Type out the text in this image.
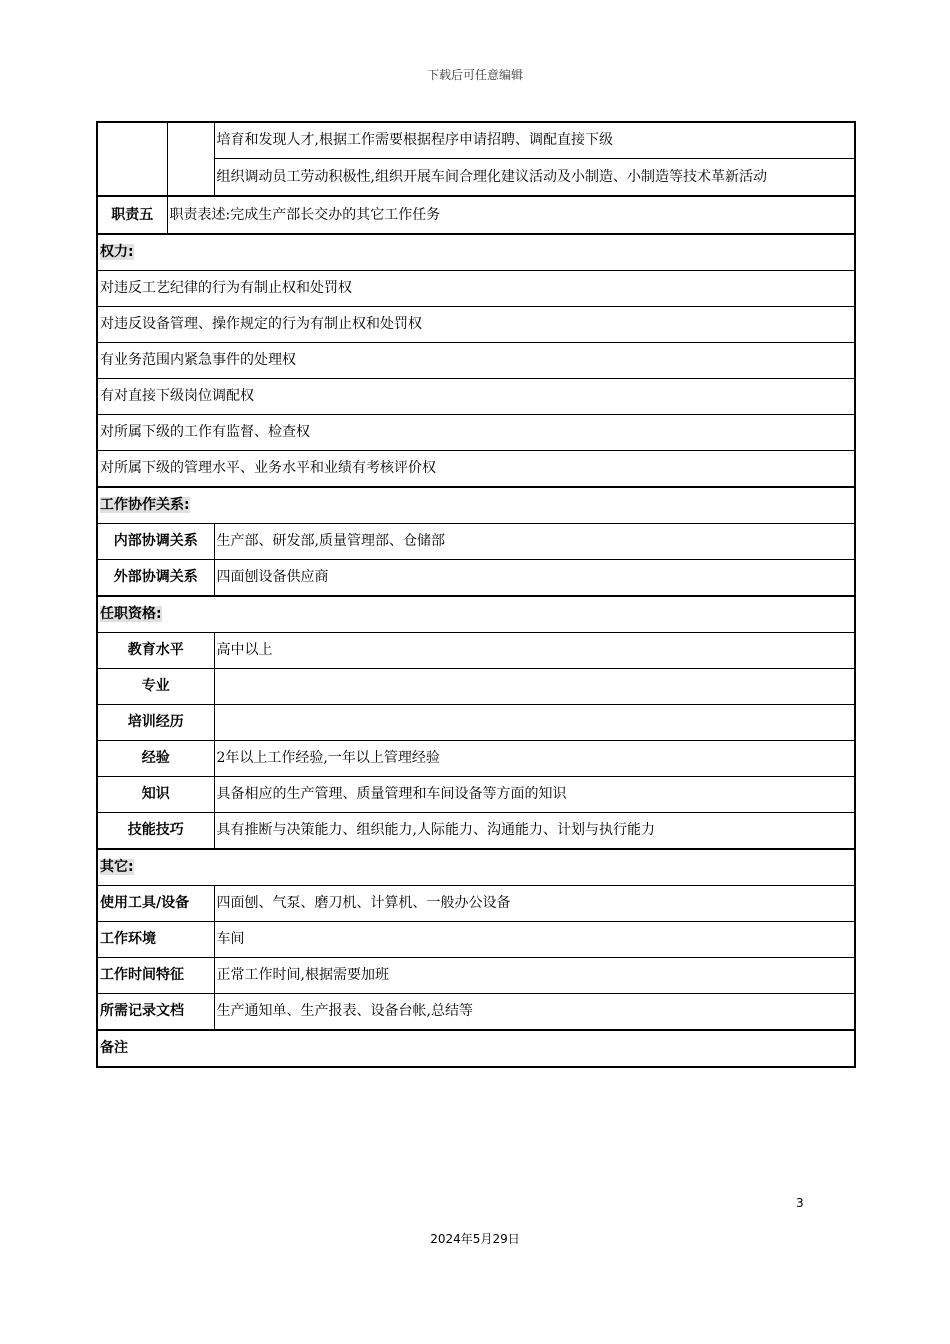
下载后可任意编辑
		培育和发现人才,根据工作需要根据程序申请招聘、调配直接下级
		组织调动员工劳动积极性,组织开展车间合理化建议活动及小制造、小制造等技术革新活动
职责五	职责表述:完成生产部长交办的其它工作任务	
权力:		
对违反工艺纪律的行为有制止权和处罚权		
对违反设备管理、操作规定的行为有制止权和处罚权		
有业务范围内紧急事件的处理权		
有对直接下级岗位调配权		
对所属下级的工作有监督、检查权		
对所属下级的管理水平、业务水平和业绩有考核评价权		
工作协作关系:		
内部协调关系		生产部、研发部,质量管理部、仓储部
外部协调关系		四面刨设备供应商
任职资格:		
教育水平		高中以上
专业		
培训经历		
经验		2年以上工作经验,一年以上管理经验
知识		具备相应的生产管理、质量管理和车间设备等方面的知识
技能技巧		具有推断与决策能力、组织能力,人际能力、沟通能力、计划与执行能力
其它:		
使用工具/设备		四面刨、气泵、磨刀机、计算机、一般办公设备
工作环境		车间
工作时间特征		正常工作时间,根据需要加班
所需记录文档		生产通知单、生产报表、设备台帐,总结等
备注		
3
2024年5月29日
